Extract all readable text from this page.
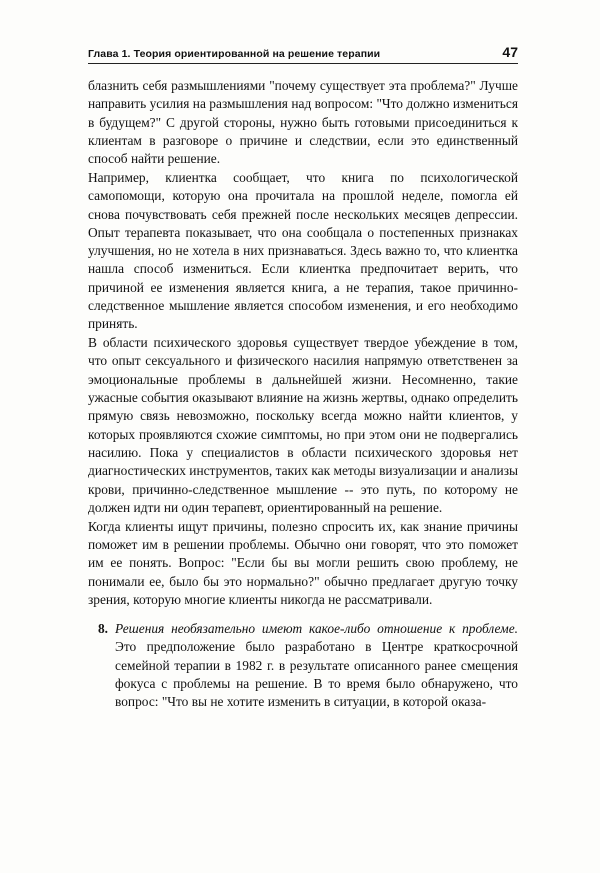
Глава 1. Теория ориентированной на решение терапии	47

блазнить себя размышлениями "почему существует эта проблема?" Лучше направить усилия на размышления над вопросом: "Что должно измениться в будущем?" С другой стороны, нужно быть готовыми присоединиться к клиентам в разговоре о причине и следствии, если это единственный способ найти решение.

Например, клиентка сообщает, что книга по психологической самопомощи, которую она прочитала на прошлой неделе, помогла ей снова почувствовать себя прежней после нескольких месяцев депрессии. Опыт терапевта показывает, что она сообщала о постепенных признаках улучшения, но не хотела в них признаваться. Здесь важно то, что клиентка нашла способ измениться. Если клиентка предпочитает верить, что причиной ее изменения является книга, а не терапия, такое причинно-следственное мышление является способом изменения, и его необходимо принять.

В области психического здоровья существует твердое убеждение в том, что опыт сексуального и физического насилия напрямую ответственен за эмоциональные проблемы в дальнейшей жизни. Несомненно, такие ужасные события оказывают влияние на жизнь жертвы, однако определить прямую связь невозможно, поскольку всегда можно найти клиентов, у которых проявляются схожие симптомы, но при этом они не подвергались насилию. Пока у специалистов в области психического здоровья нет диагностических инструментов, таких как методы визуализации и анализы крови, причинно-следственное мышление -- это путь, по которому не должен идти ни один терапевт, ориентированный на решение.

Когда клиенты ищут причины, полезно спросить их, как знание причины поможет им в решении проблемы. Обычно они говорят, что это поможет им ее понять. Вопрос: "Если бы вы могли решить свою проблему, не понимали ее, было бы это нормально?" обычно предлагает другую точку зрения, которую многие клиенты никогда не рассматривали.

8. Решения необязательно имеют какое-либо отношение к проблеме. Это предположение было разработано в Центре краткосрочной семейной терапии в 1982 г. в результате описанного ранее смещения фокуса с проблемы на решение. В то время было обнаружено, что вопрос: "Что вы не хотите изменить в ситуации, в которой оказа-
